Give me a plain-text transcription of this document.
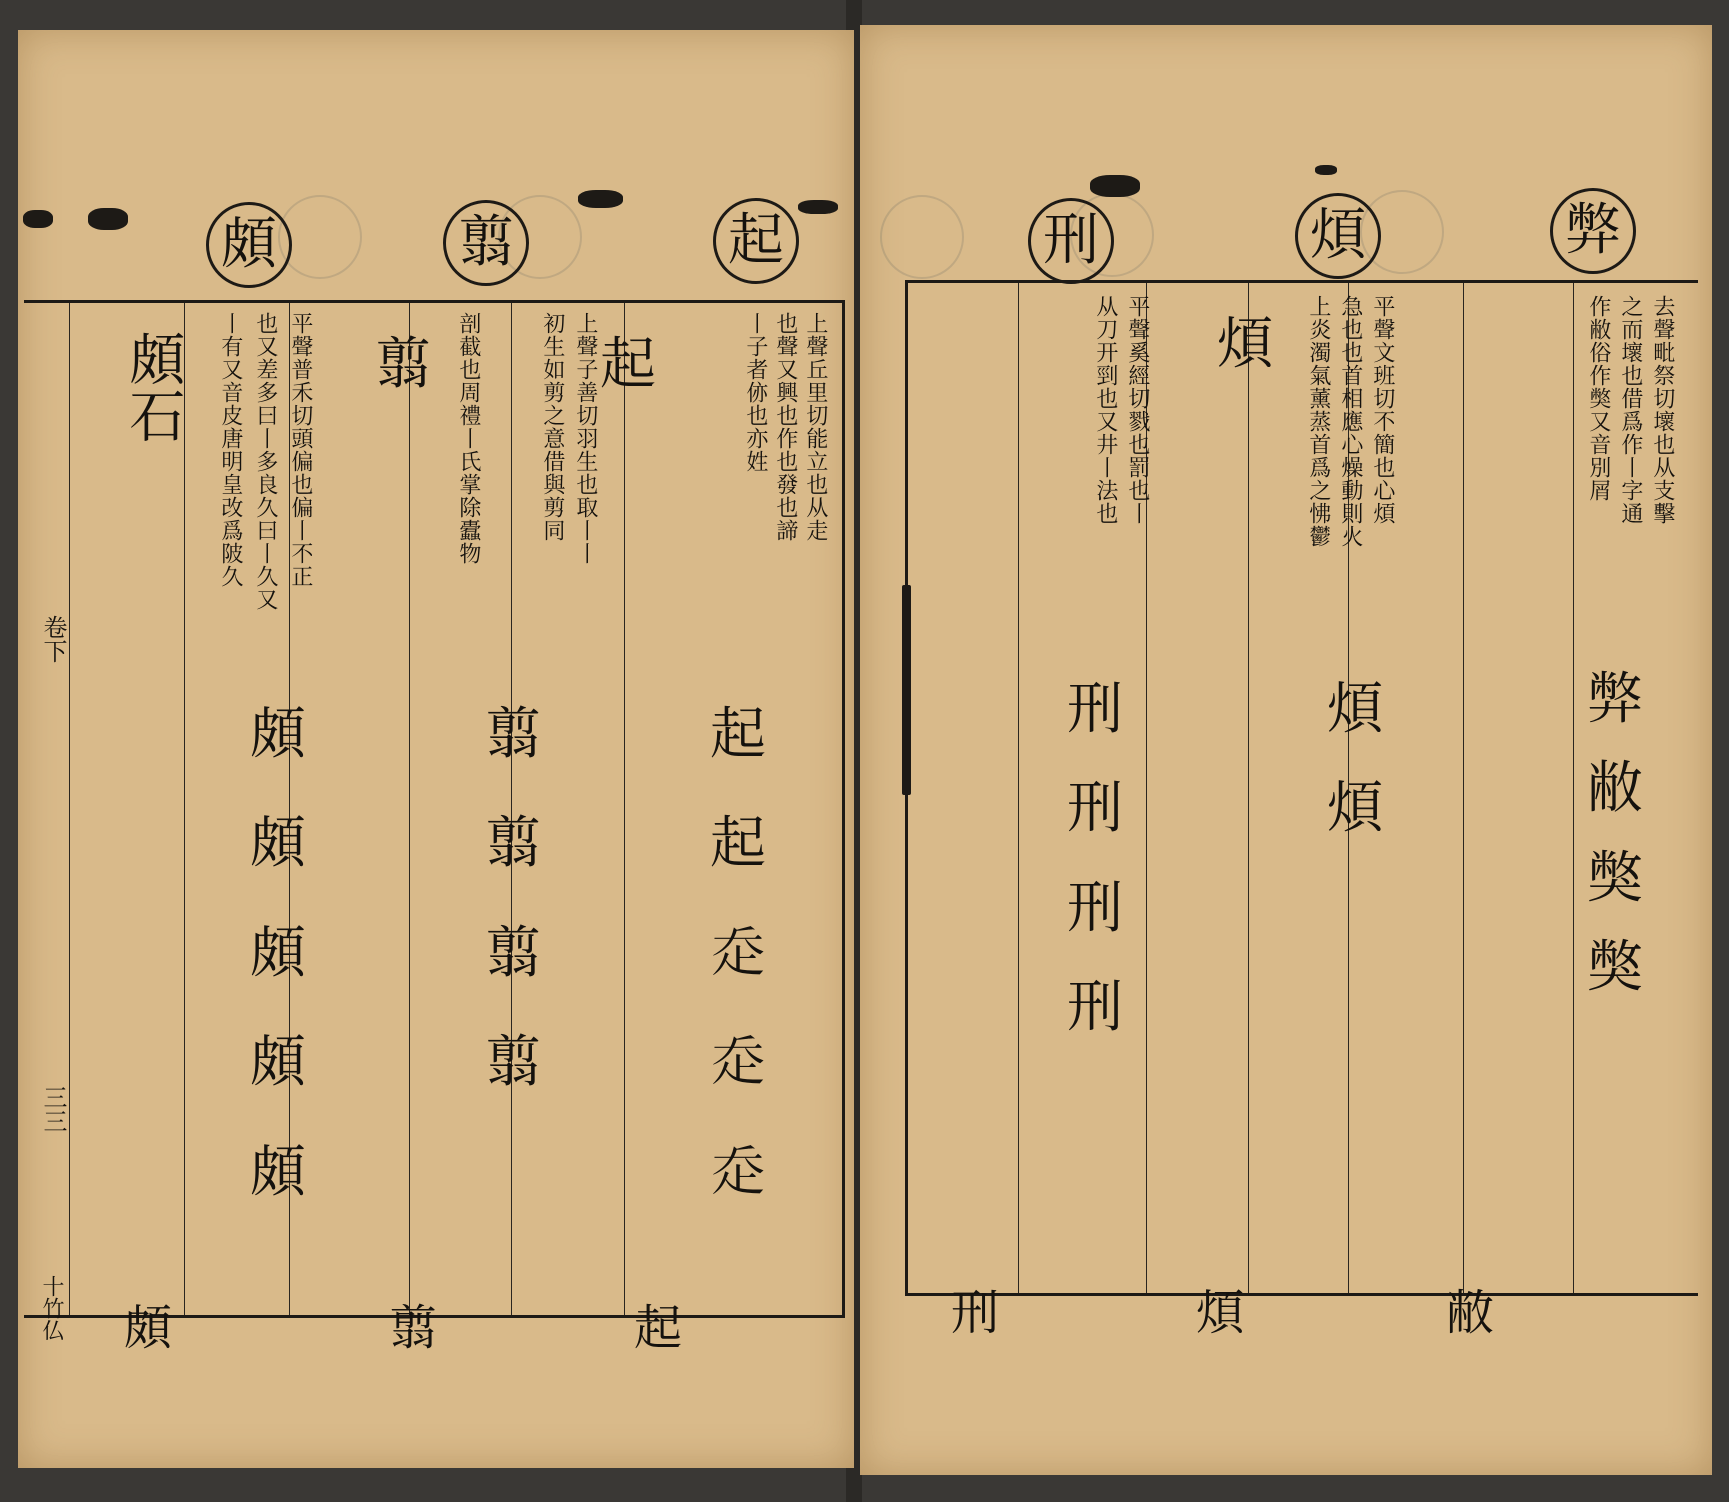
起
翦
頗
上聲丘里切能立也从走
也聲又興也作也發也諦
丨子者㑊也亦姓
起
起
起
𧺆
𧺆
𧺆
起
上聲子善切羽生也取丨丨
初生如剪之意借與剪同
剖截也周禮丨氏掌除蠹物
翦
翦
翦
翦
翦
翦
平聲普禾切頭偏也偏丨不正
也又差多曰丨多良久曰丨久又
丨有又音皮唐明皇改爲陂久
頗
頗
頗
頗
頗
頗
頗石
卷下
三三
十竹仏
弊
煩
刑
去聲毗祭切壞也从支擊
之而壞也借爲作丨字通
作敝俗作獘又音別屑
弊
敝
獘
獘
敝
平聲文班切不簡也心煩
急也也首相應心燥動則火
上炎濁氣薰蒸首爲之怫鬱
煩
煩
煩
煩
平聲奚經切戮也罰也丨
从刀开剄也又井丨法也
刑
刑
刑
刑
刑
